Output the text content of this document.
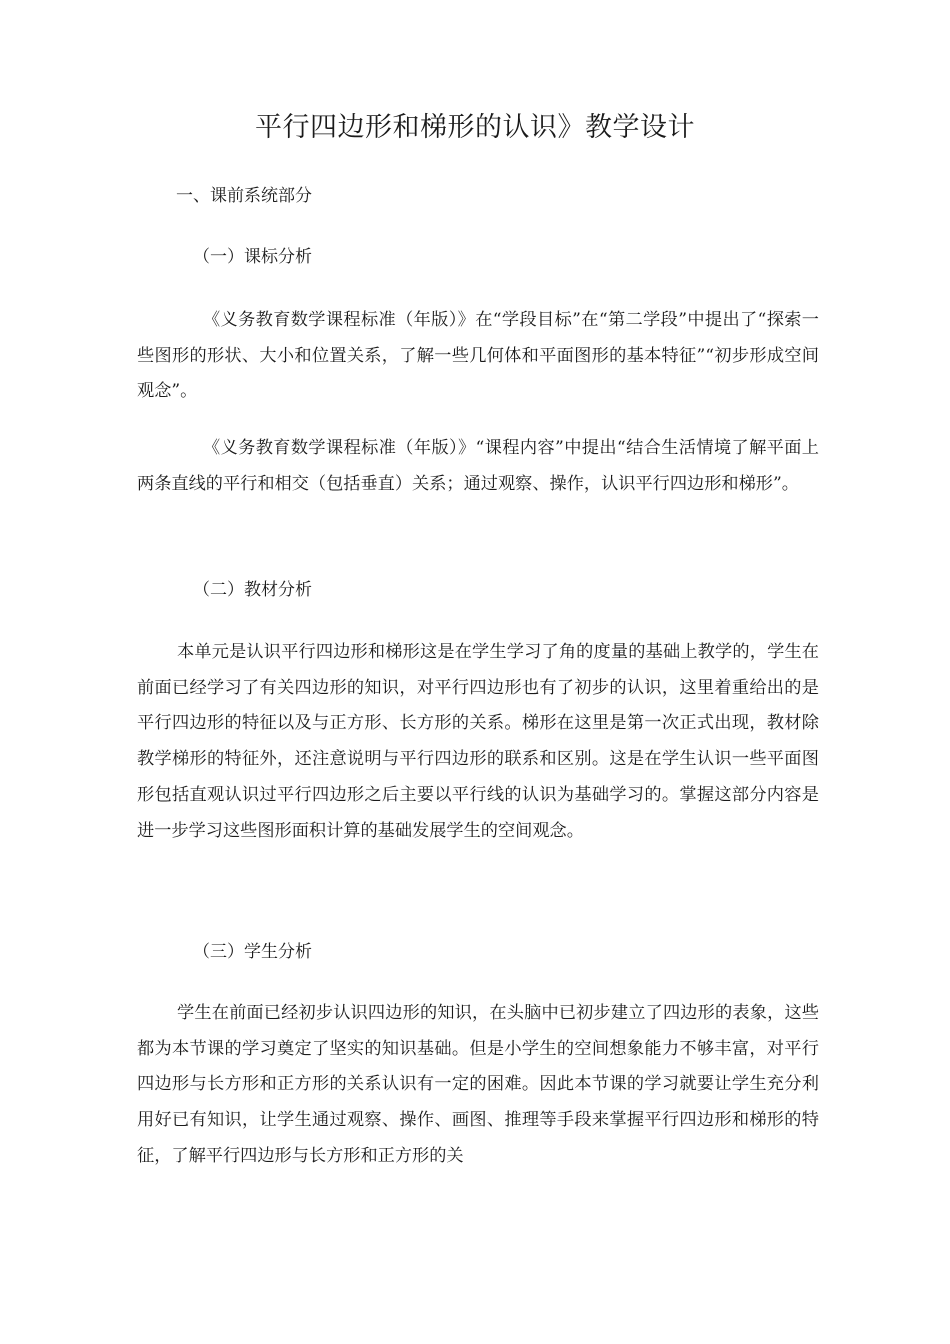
平行四边形和梯形的认识》教学设计
一、课前系统部分
（一）课标分析

《义务教育数学课程标准（年版）》在“学段目标”在“第二学段”中提出了“探索一些图形的形状、大小和位置关系，了解一些几何体和平面图形的基本特征”“初步形成空间观念”。

《义务教育数学课程标准（年版）》“课程内容”中提出“结合生活情境了解平面上两条直线的平行和相交（包括垂直）关系；通过观察、操作，认识平行四边形和梯形”。

（二）教材分析

本单元是认识平行四边形和梯形这是在学生学习了角的度量的基础上教学的，学生在前面已经学习了有关四边形的知识，对平行四边形也有了初步的认识，这里着重给出的是平行四边形的特征以及与正方形、长方形的关系。梯形在这里是第一次正式出现，教材除教学梯形的特征外，还注意说明与平行四边形的联系和区别。这是在学生认识一些平面图形包括直观认识过平行四边形之后主要以平行线的认识为基础学习的。掌握这部分内容是进一步学习这些图形面积计算的基础发展学生的空间观念。

（三）学生分析

学生在前面已经初步认识四边形的知识，在头脑中已初步建立了四边形的表象，这些都为本节课的学习奠定了坚实的知识基础。但是小学生的空间想象能力不够丰富，对平行四边形与长方形和正方形的关系认识有一定的困难。因此本节课的学习就要让学生充分利用好已有知识，让学生通过观察、操作、画图、推理等手段来掌握平行四边形和梯形的特征，了解平行四边形与长方形和正方形的关
